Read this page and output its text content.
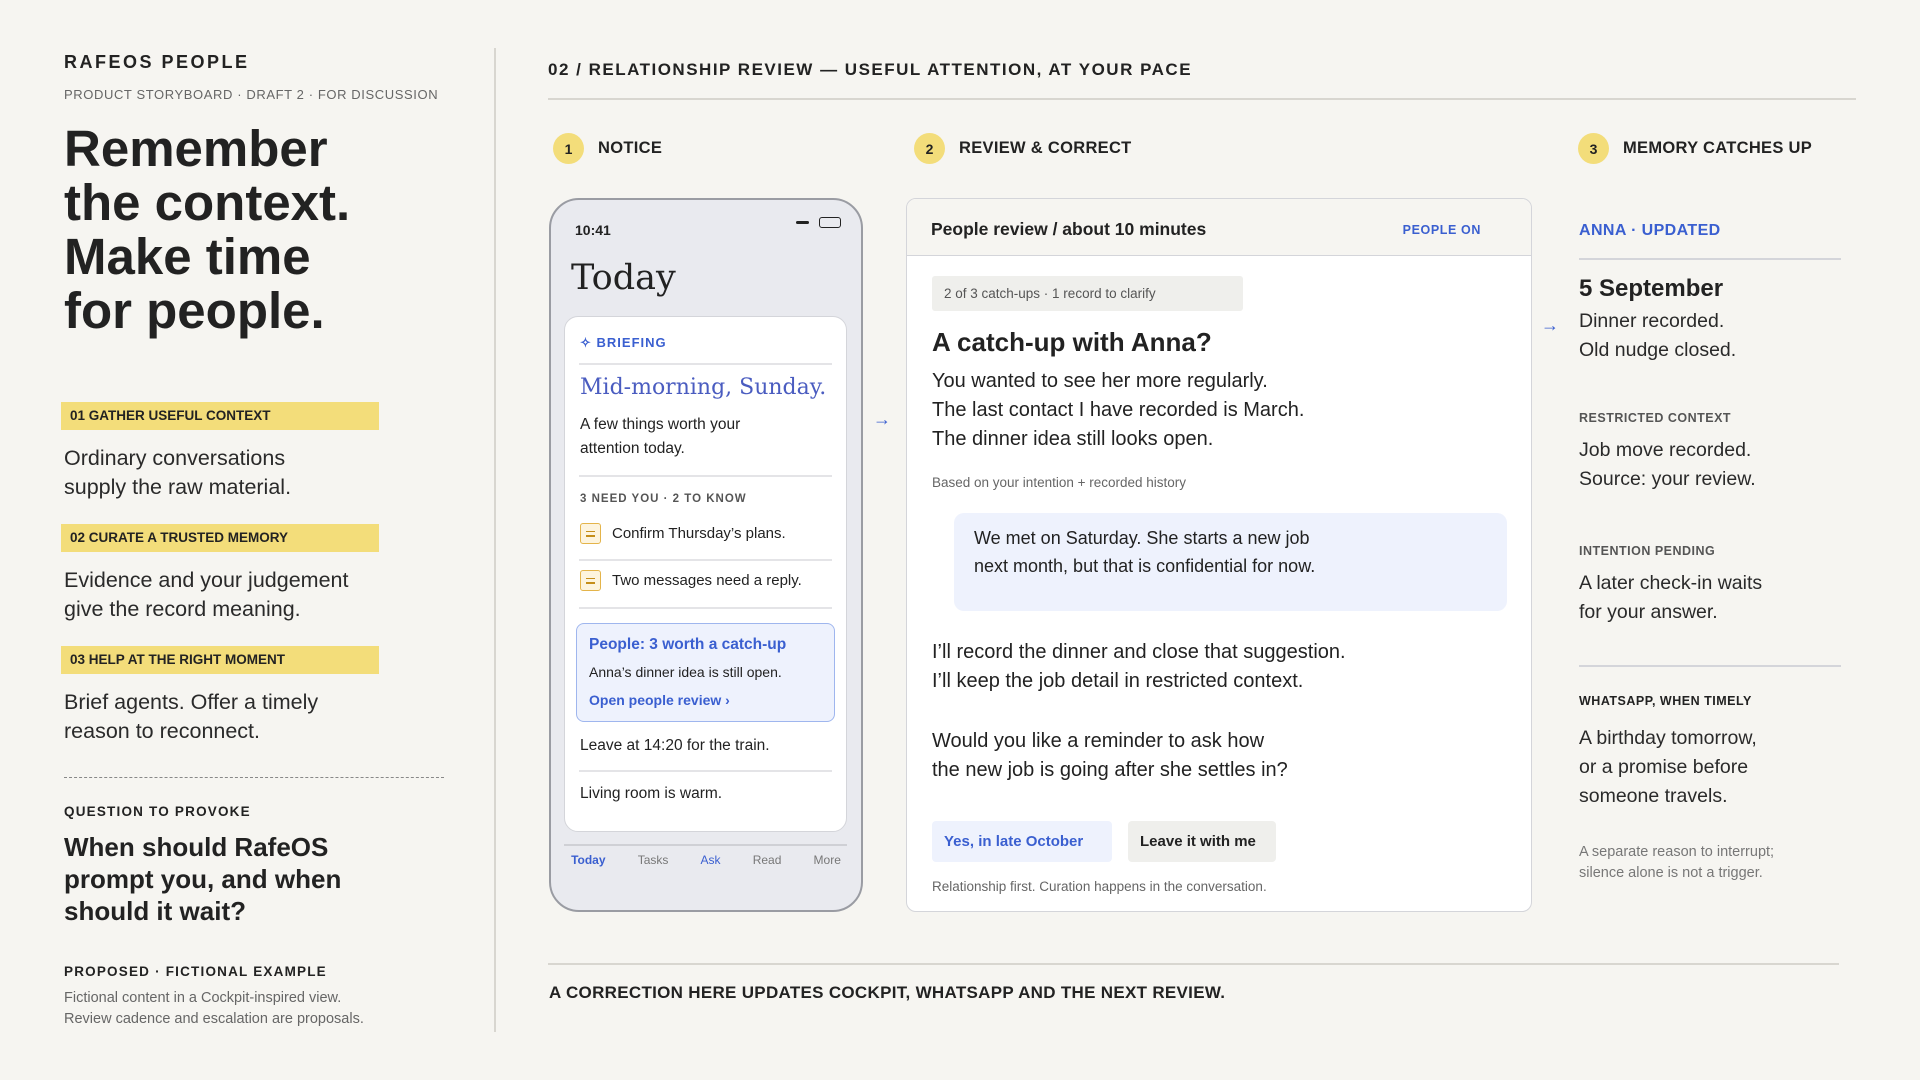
RAFEOS PEOPLE
PRODUCT STORYBOARD · DRAFT 2 · FOR DISCUSSION
Remember
the context.
Make time
for people.
01 GATHER USEFUL CONTEXT
Ordinary conversations
supply the raw material.
02 CURATE A TRUSTED MEMORY
Evidence and your judgement
give the record meaning.
03 HELP AT THE RIGHT MOMENT
Brief agents. Offer a timely
reason to reconnect.
QUESTION TO PROVOKE
When should RafeOS
prompt you, and when
should it wait?
PROPOSED · FICTIONAL EXAMPLE
Fictional content in a Cockpit-inspired view.
Review cadence and escalation are proposals.
02 / RELATIONSHIP REVIEW — USEFUL ATTENTION, AT YOUR PACE
1	NOTICE	2	REVIEW & CORRECT	3	MEMORY CATCHES UP
10:41
Today
✧ BRIEFING
Mid-morning, Sunday.
A few things worth your
attention today.
3 NEED YOU · 2 TO KNOW
Confirm Thursday’s plans.
Two messages need a reply.
People: 3 worth a catch-up
Anna’s dinner idea is still open.
Open people review ›
Leave at 14:20 for the train.
Living room is warm.
Today	Tasks	Ask	Read	More
→
People review / about 10 minutes	PEOPLE ON
2 of 3 catch-ups · 1 record to clarify
A catch-up with Anna?
You wanted to see her more regularly.
The last contact I have recorded is March.
The dinner idea still looks open.
Based on your intention + recorded history
We met on Saturday. She starts a new job
next month, but that is confidential for now.
I’ll record the dinner and close that suggestion.
I’ll keep the job detail in restricted context.
Would you like a reminder to ask how
the new job is going after she settles in?
Yes, in late October	Leave it with me
Relationship first. Curation happens in the conversation.
→
ANNA · UPDATED
5 September
Dinner recorded.
Old nudge closed.
RESTRICTED CONTEXT
Job move recorded.
Source: your review.
INTENTION PENDING
A later check-in waits
for your answer.
WHATSAPP, WHEN TIMELY
A birthday tomorrow,
or a promise before
someone travels.
A separate reason to interrupt;
silence alone is not a trigger.
A CORRECTION HERE UPDATES COCKPIT, WHATSAPP AND THE NEXT REVIEW.
